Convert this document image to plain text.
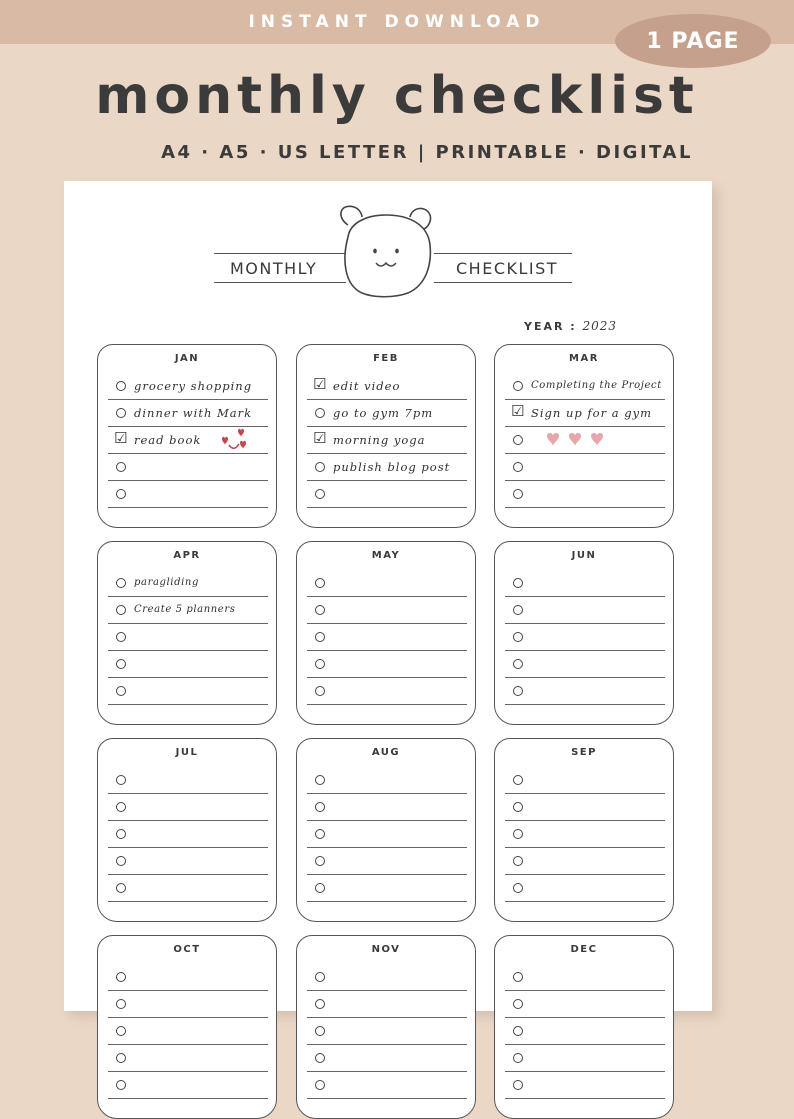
INSTANT DOWNLOAD
1 PAGE
monthly checklist
A4 · A5 · US LETTER | PRINTABLE · DIGITAL
MONTHLY	CHECKLIST
YEAR : 2023
JAN
grocery shopping
dinner with Mark
☑ read book
FEB
☑ edit video
go to gym 7pm
☑ morning yoga
publish blog post
MAR
Completing the Project
☑ Sign up for a gym
APR
paragliding
Create 5 planners
MAY	JUN
JUL	AUG	SEP
OCT	NOV	DEC
